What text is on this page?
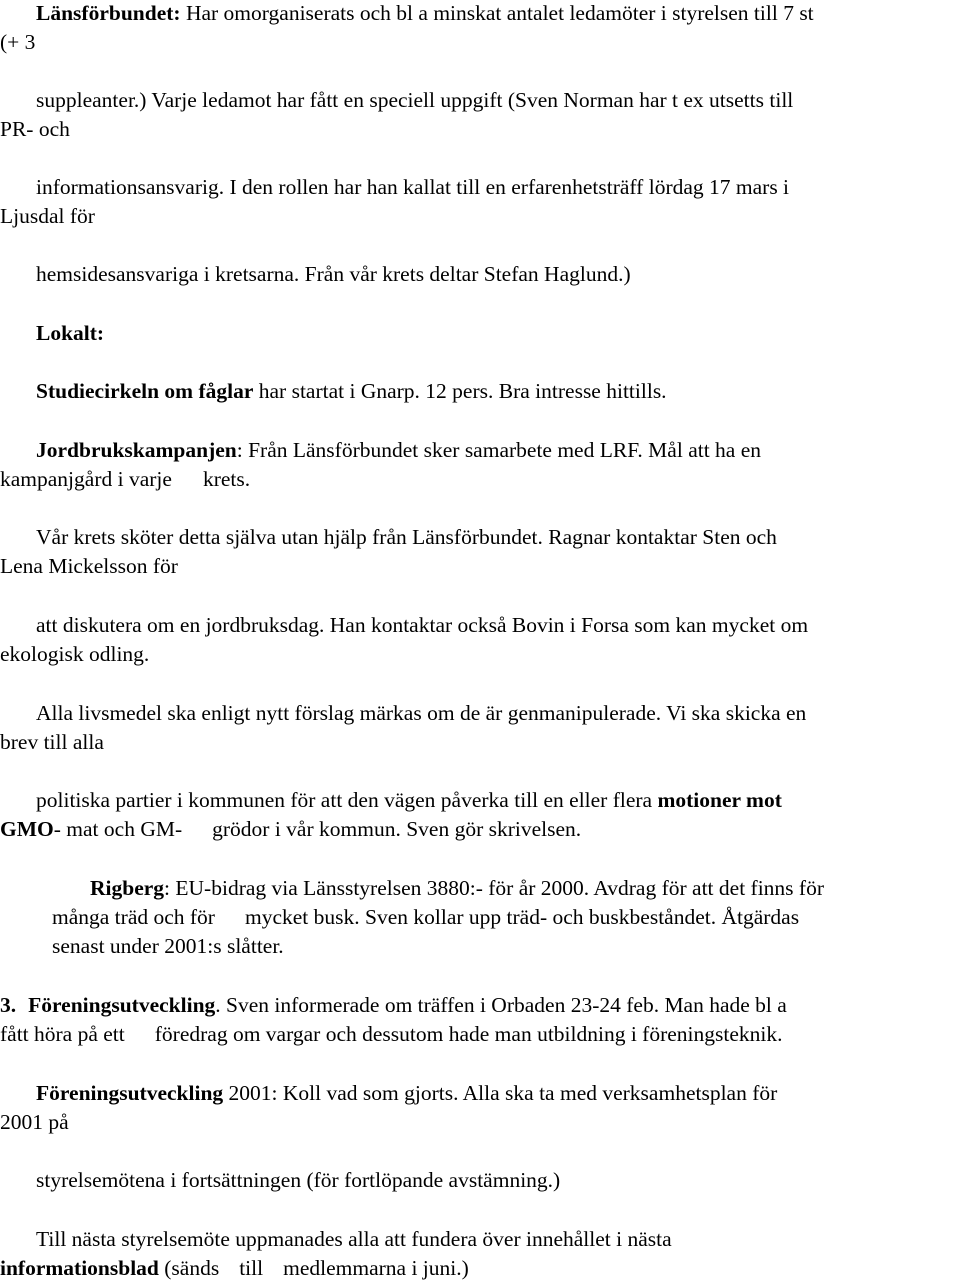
Länsförbundet: Har omorganiserats och bl a minskat antalet ledamöter i styrelsen till 7 st
(+ 3
suppleanter.) Varje ledamot har fått en speciell uppgift (Sven Norman har t ex utsetts till
PR- och
informationsansvarig. I den rollen har han kallat till en erfarenhetsträff lördag 17 mars i
Ljusdal för
hemsidesansvariga i kretsarna. Från vår krets deltar Stefan Haglund.)
Lokalt:
Studiecirkeln om fåglar har startat i Gnarp. 12 pers. Bra intresse hittills.
Jordbrukskampanjen: Från Länsförbundet sker samarbete med LRF. Mål att ha en
kampanjgård i varje krets.
Vår krets sköter detta själva utan hjälp från Länsförbundet. Ragnar kontaktar Sten och
Lena Mickelsson för
att diskutera om en jordbruksdag. Han kontaktar också Bovin i Forsa som kan mycket om
ekologisk odling.
Alla livsmedel ska enligt nytt förslag märkas om de är genmanipulerade. Vi ska skicka en
brev till alla
politiska partier i kommunen för att den vägen påverka till en eller flera motioner mot
GMO- mat och GM- grödor i vår kommun. Sven gör skrivelsen.
Rigberg: EU-bidrag via Länsstyrelsen 3880:- för år 2000. Avdrag för att det finns för
många träd och för mycket busk. Sven kollar upp träd- och buskbeståndet. Åtgärdas
senast under 2001:s slåtter.
3. Föreningsutveckling. Sven informerade om träffen i Orbaden 23-24 feb. Man hade bl a
fått höra på ett föredrag om vargar och dessutom hade man utbildning i föreningsteknik.
Föreningsutveckling 2001: Koll vad som gjorts. Alla ska ta med verksamhetsplan för
2001 på
styrelsemötena i fortsättningen (för fortlöpande avstämning.)
Till nästa styrelsemöte uppmanades alla att fundera över innehållet i nästa
informationsblad (sänds till medlemmarna i juni.)
